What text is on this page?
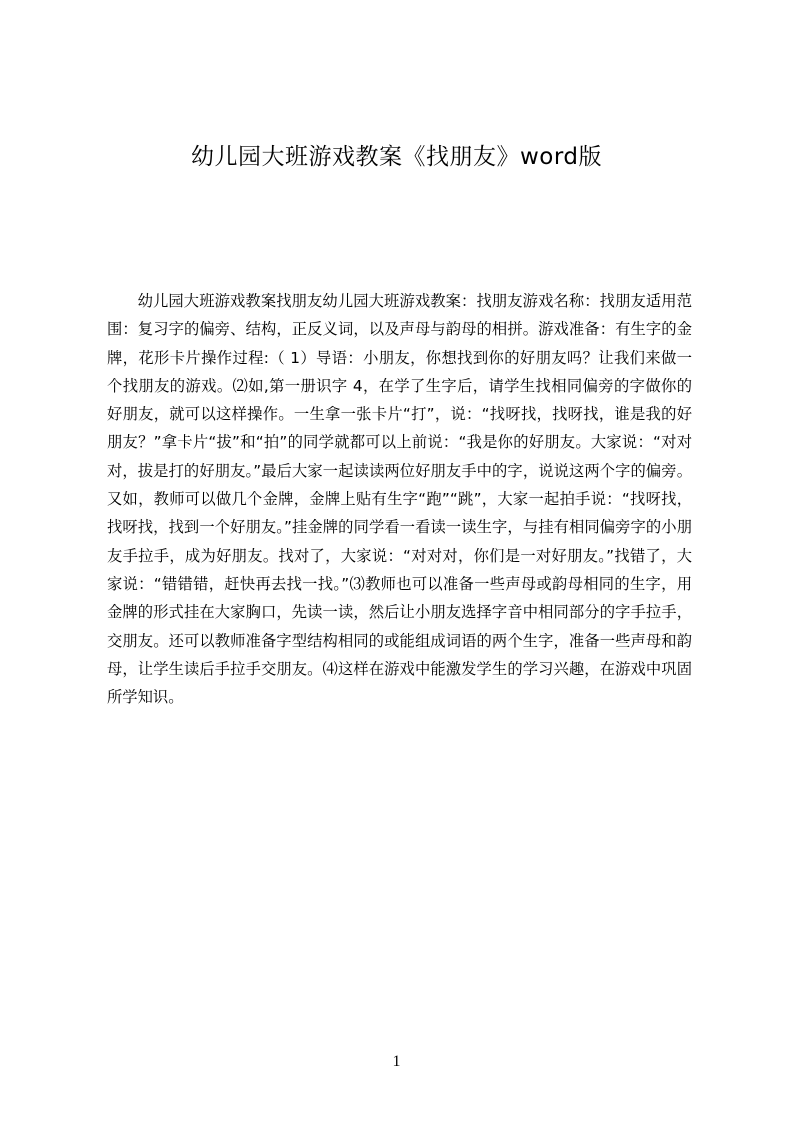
幼儿园大班游戏教案《找朋友》word版

幼儿园大班游戏教案找朋友幼儿园大班游戏教案：找朋友游戏名称：找朋友适用范围：复习字的偏旁、结构，正反义词，以及声母与韵母的相拼。游戏准备：有生字的金牌，花形卡片操作过程:（ 1）导语：小朋友，你想找到你的好朋友吗？让我们来做一个找朋友的游戏。⑵如,第一册识字 4，在学了生字后，请学生找相同偏旁的字做你的好朋友，就可以这样操作。一生拿一张卡片“打”，说：“找呀找，找呀找，谁是我的好朋友？”拿卡片“拔”和“拍”的同学就都可以上前说：“我是你的好朋友。大家说：“对对对，拔是打的好朋友。”最后大家一起读读两位好朋友手中的字，说说这两个字的偏旁。又如，教师可以做几个金牌，金牌上贴有生字“跑”“跳”，大家一起拍手说：“找呀找，找呀找，找到一个好朋友。”挂金牌的同学看一看读一读生字，与挂有相同偏旁字的小朋友手拉手，成为好朋友。找对了，大家说：“对对对，你们是一对好朋友。”找错了，大家说：“错错错，赶快再去找一找。”⑶教师也可以准备一些声母或韵母相同的生字，用金牌的形式挂在大家胸口，先读一读，然后让小朋友选择字音中相同部分的字手拉手，交朋友。还可以教师准备字型结构相同的或能组成词语的两个生字，准备一些声母和韵母，让学生读后手拉手交朋友。⑷这样在游戏中能激发学生的学习兴趣，在游戏中巩固所学知识。

1
